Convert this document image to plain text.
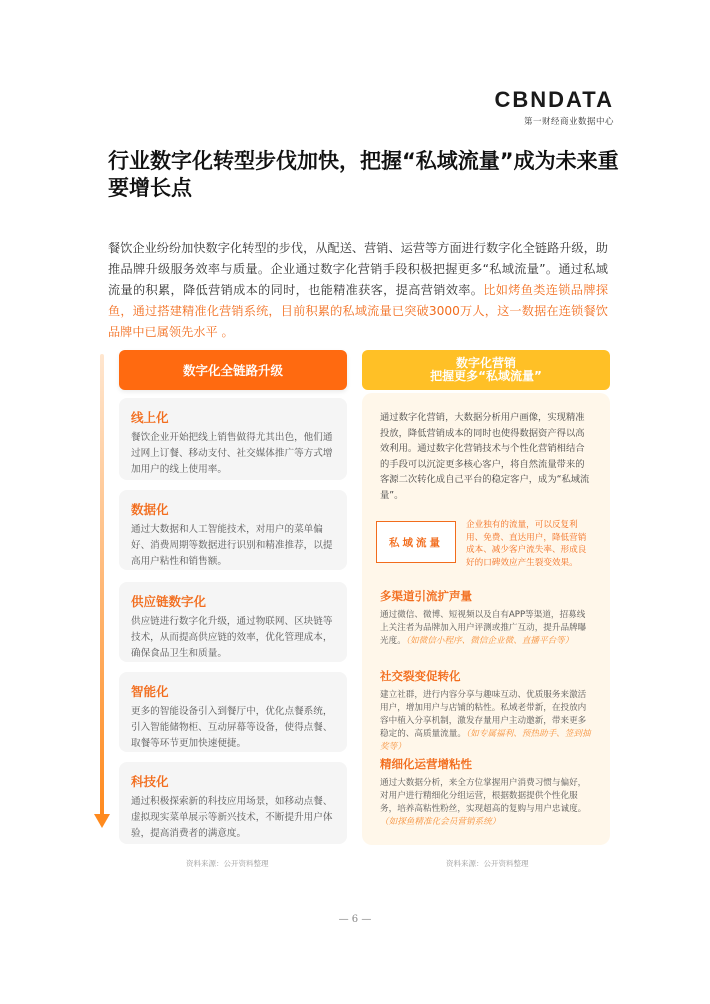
CBNDATA
第一财经商业数据中心
行业数字化转型步伐加快，把握“私域流量”成为未来重要增长点
餐饮企业纷纷加快数字化转型的步伐，从配送、营销、运营等方面进行数字化全链路升级，助推品牌升级服务效率与质量。企业通过数字化营销手段积极把握更多“私域流量”。通过私域流量的积累，降低营销成本的同时，也能精准获客，提高营销效率。比如烤鱼类连锁品牌探鱼，通过搭建精准化营销系统，目前积累的私域流量已突破3000万人，这一数据在连锁餐饮品牌中已属领先水平 。
数字化全链路升级
线上化

餐饮企业开始把线上销售做得尤其出色，他们通过网上订餐、移动支付、社交媒体推广等方式增加用户的线上使用率。

数据化

通过大数据和人工智能技术，对用户的菜单偏好、消费周期等数据进行识别和精准推荐，以提高用户粘性和销售额。

供应链数字化

供应链进行数字化升级，通过物联网、区块链等技术，从而提高供应链的效率，优化管理成本，确保食品卫生和质量。

智能化

更多的智能设备引入到餐厅中，优化点餐系统，引入智能储物柜、互动屏幕等设备，使得点餐、取餐等环节更加快速便捷。

科技化

通过积极探索新的科技应用场景，如移动点餐、虚拟现实菜单展示等新兴技术，不断提升用户体验，提高消费者的满意度。

资料来源：公开资料整理
数字化营销
把握更多“私域流量”
通过数字化营销，大数据分析用户画像，实现精准投放，降低营销成本的同时也使得数据资产得以高效利用。通过数字化营销技术与个性化营销相结合的手段可以沉淀更多核心客户，将自然流量带来的客源二次转化成自己平台的稳定客户，成为“私域流量”。
私域流量
企业独有的流量，可以反复利用、免费、直达用户，降低营销成本、减少客户流失率、形成良好的口碑效应产生裂变效果。
多渠道引流扩声量
通过微信、微博、短视频以及自有APP等渠道，招募线上关注者为品牌加入用户评测或推广互动，提升品牌曝光度。（如微信小程序、微信企业微、直播平台等）
社交裂变促转化
建立社群，进行内容分享与趣味互动、优质服务来激活用户，增加用户与店铺的粘性。私域老带新，在投放内容中植入分享机制，激发存量用户主动邀新，带来更多稳定的、高质量流量。（如专属福利、预热助手、签到抽奖等）
精细化运营增粘性
通过大数据分析，来全方位掌握用户消费习惯与偏好，对用户进行精细化分组运营，根据数据提供个性化服务，培养高粘性粉丝，实现超高的复购与用户忠诚度。（如探鱼精准化会员营销系统）
资料来源：公开资料整理
— 6 —
